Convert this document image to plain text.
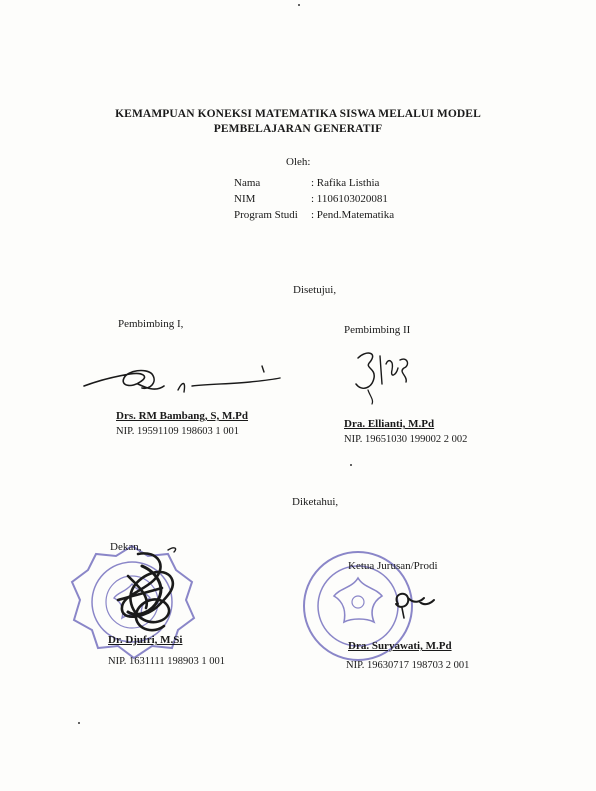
KEMAMPUAN KONEKSI MATEMATIKA SISWA MELALUI MODEL
PEMBELAJARAN GENERATIF
Oleh:
Nama	: Rafika Listhia
NIM	: 1106103020081
Program Studi : Pend.Matematika
Disetujui,
Pembimbing I,
Drs. RM Bambang, S, M.Pd
NIP. 19591109 198603 1 001
Pembimbing II
Dra. Ellianti, M.Pd
NIP. 19651030 199002 2 002
Diketahui,
Dekan,
Dr. Djufri, M.Si
NIP. 1631111 198903 1 001
Ketua Jurusan/Prodi
Dra. Suryawati, M.Pd
NIP. 19630717 198703 2 001
